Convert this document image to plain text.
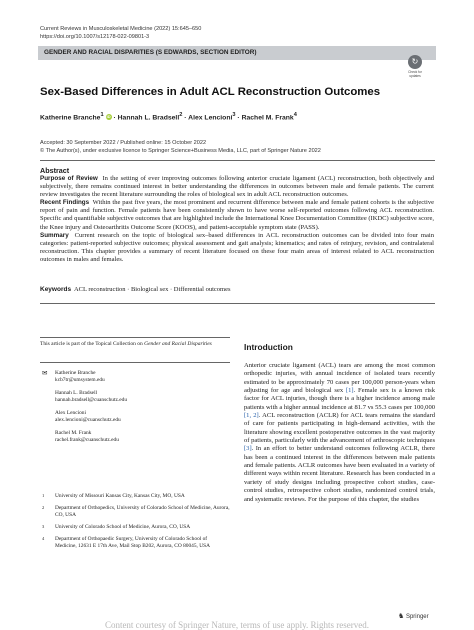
Current Reviews in Musculoskeletal Medicine (2022) 15:645–650
https://doi.org/10.1007/s12178-022-09801-3
GENDER AND RACIAL DISPARITIES (S EDWARDS, SECTION EDITOR)
↻
Check for updates
Sex-Based Differences in Adult ACL Reconstruction Outcomes
Katherine Branche$^1$ iD · Hannah L. Bradsell$^2$ · Alex Lencioni$^3$ · Rachel M. Frank$^4$
Accepted: 30 September 2022 / Published online: 15 October 2022
© The Author(s), under exclusive licence to Springer Science+Business Media, LLC, part of Springer Nature 2022
Abstract

Purpose of Review In the setting of ever improving outcomes following anterior cruciate ligament (ACL) reconstruction, both objectively and subjectively, there remains continued interest in better understanding the differences in outcomes between male and female patients. The current review investigates the recent literature surrounding the roles of biological sex in adult ACL reconstruction outcomes.

Recent Findings Within the past five years, the most prominent and recurrent difference between male and female patient cohorts is the subjective report of pain and function. Female patients have been consistently shown to have worse self-reported outcomes following ACL reconstruction. Specific and quantifiable subjective outcomes that are highlighted include the International Knee Documentation Committee (IKDC) subjective score, the Knee injury and Osteoarthritis Outcome Score (KOOS), and patient-acceptable symptom state (PASS).

Summary Current research on the topic of biological sex–based differences in ACL reconstruction outcomes can be divided into four main categories: patient-reported subjective outcomes; physical assessment and gait analysis; kinematics; and rates of reinjury, revision, and contralateral reconstruction. This chapter provides a summary of recent literature focused on these four main areas of interest related to ACL reconstruction outcomes in males and females.

Keywords ACL reconstruction · Biological sex · Differential outcomes
This article is part of the Topical Collection on Gender and Racial Disparities
✉ Katherine Branche
kcb7tr@umsystem.edu
Hannah L. Bradsell
hannah.bradsell@cuanschutz.edu
Alex Lencioni
alex.lencioni@cuanschutz.edu
Rachel M. Frank
rachel.frank@cuanschutz.edu
1 University of Missouri Kansas City, Kansas City, MO, USA
2 Department of Orthopedics, University of Colorado School of Medicine, Aurora, CO, USA
3 University of Colorado School of Medicine, Aurora, CO, USA
4 Department of Orthopaedic Surgery, University of Colorado School of Medicine, 12631 E 17th Ave, Mail Stop B202, Aurora, CO 80045, USA
Introduction
Anterior cruciate ligament (ACL) tears are among the most common orthopedic injuries, with annual incidence of isolated tears recently estimated to be approximately 70 cases per 100,000 person-years when adjusting for age and biological sex [1]. Female sex is a known risk factor for ACL injuries, though there is a higher incidence among male patients with a higher annual incidence at 81.7 vs 55.3 cases per 100,000 [1, 2]. ACL reconstruction (ACLR) for ACL tears remains the standard of care for patients participating in high-demand activities, with the literature showing excellent postoperative outcomes in the vast majority of patients, particularly with the advancement of arthroscopic techniques [3]. In an effort to better understand outcomes following ACLR, there has been a continued interest in the differences between male patients and female patients. ACLR outcomes have been evaluated in a variety of different ways within recent literature. Research has been conducted in a variety of study designs including prospective cohort studies, case-control studies, retrospective cohort studies, randomized control trials, and systematic reviews. For the purpose of this chapter, the studies
♞ Springer
Content courtesy of Springer Nature, terms of use apply. Rights reserved.
